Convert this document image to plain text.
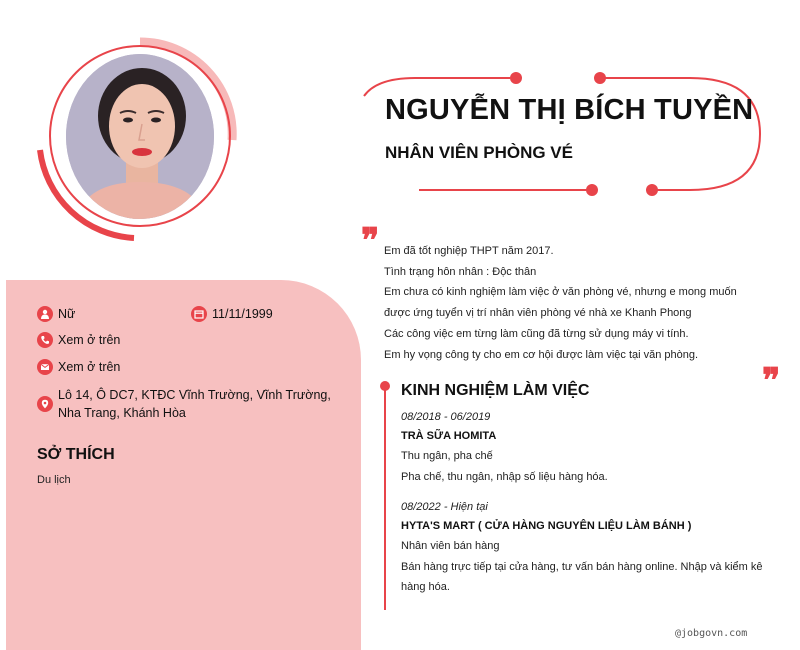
NGUYỄN THỊ BÍCH TUYỀN
NHÂN VIÊN PHÒNG VÉ
❞ Em đã tốt nghiệp THPT năm 2017.

Tình trạng hôn nhân : Độc thân

Em chưa có kinh nghiệm làm việc ở văn phòng vé, nhưng e mong muốn

được ứng tuyển vị trí nhân viên phòng vé nhà xe Khanh Phong

Các công việc em từng làm cũng đã từng sử dụng máy vi tính.

Em hy vọng công ty cho em cơ hội được làm việc tại văn phòng.

❞
Nữ	11/11/1999
Xem ở trên
Xem ở trên
Lô 14, Ô DC7, KTĐC Vĩnh Trường, Vĩnh Trường,
Nha Trang, Khánh Hòa
SỞ THÍCH
Du lịch
KINH NGHIỆM LÀM VIỆC
08/2018 - 06/2019
TRÀ SỮA HOMITA
Thu ngân, pha chế
Pha chế, thu ngân, nhập số liệu hàng hóa.
08/2022 - Hiện tại
HYTA'S MART ( CỬA HÀNG NGUYÊN LIỆU LÀM BÁNH )
Nhân viên bán hàng
Bán hàng trực tiếp tại cửa hàng, tư vấn bán hàng online. Nhập và kiểm kê
hàng hóa.
@jobgovn.com
